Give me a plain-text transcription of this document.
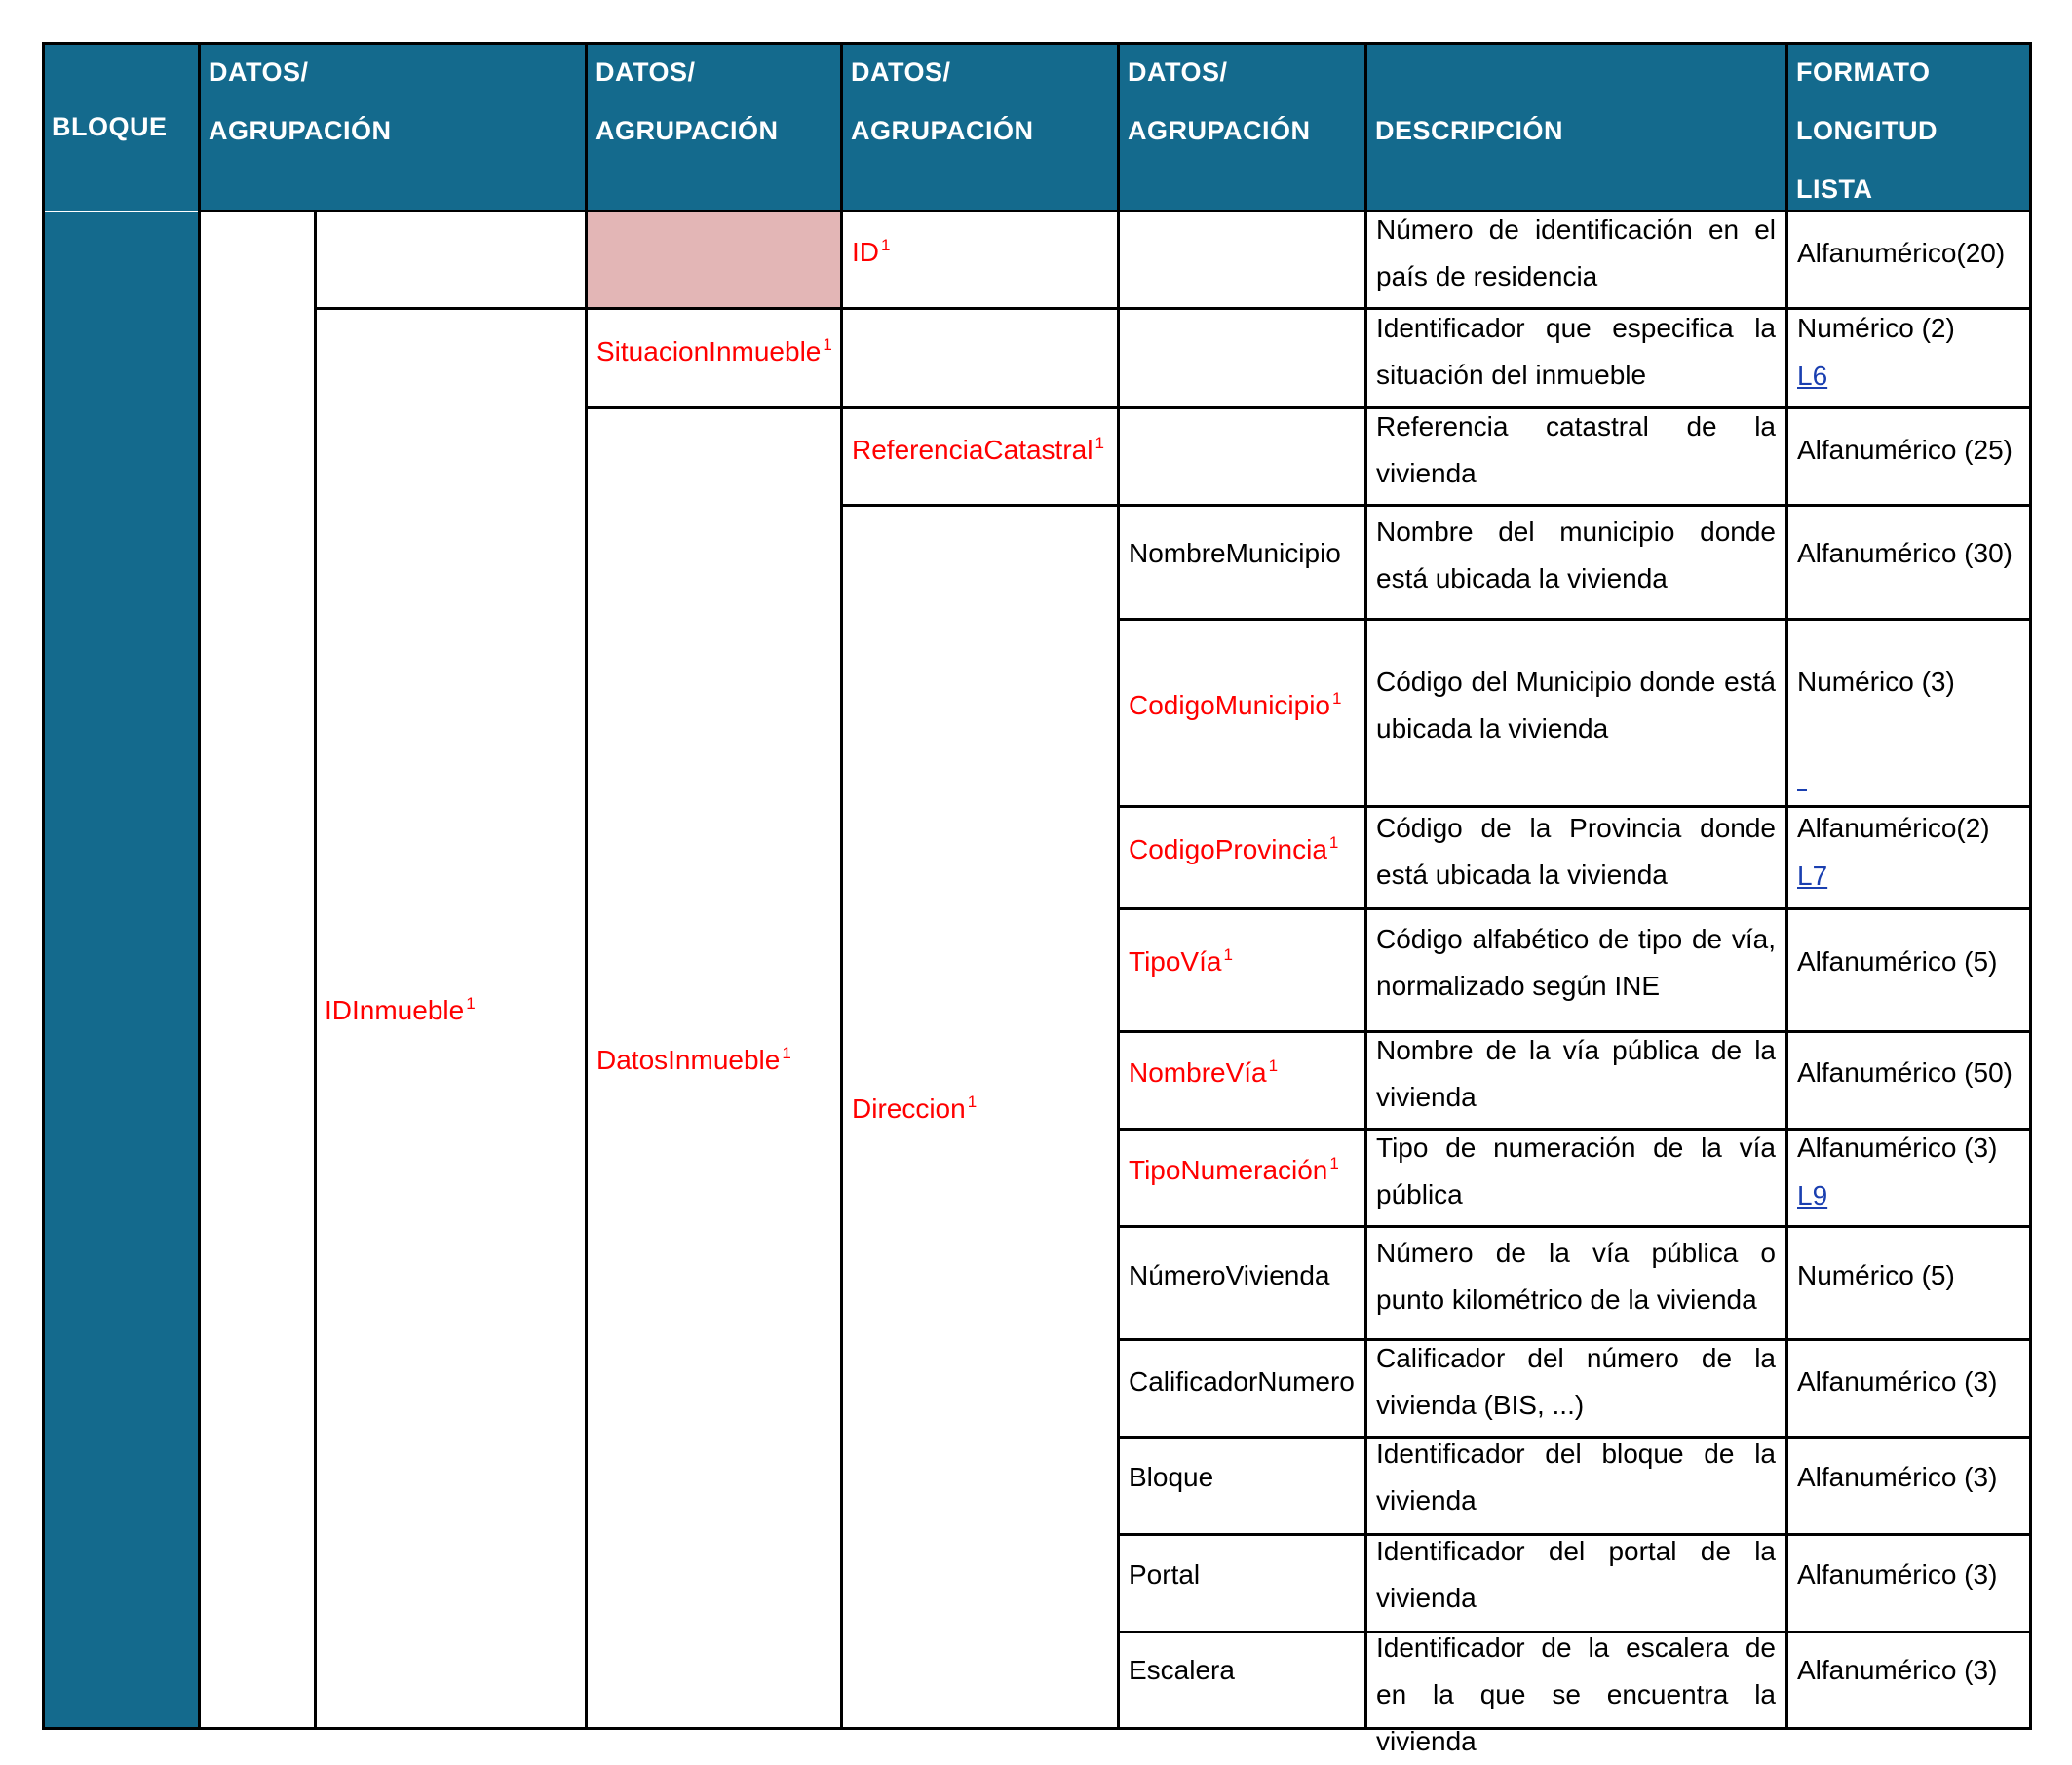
BLOQUE
DATOS/
AGRUPACIÓN
DATOS/
AGRUPACIÓN
DATOS/
AGRUPACIÓN
DATOS/
AGRUPACIÓN	DESCRIPCIÓN
FORMATO
LONGITUD
LISTA
IDInmueble $^1$
SituacionInmueble $^1$
DatosInmueble $^1$
ID $^1$
ReferenciaCatastral $^1$
Direccion $^1$
Número de identificación en el país de residencia
Alfanumérico(20)
Identificador que especifica la situación del inmueble
Numérico (2)
L6
Referencia catastral de la vivienda
Alfanumérico (25)
NombreMunicipio
Nombre del municipio donde está ubicada la vivienda
Alfanumérico (30)
CodigoMunicipio $^1$
Código del Municipio donde está ubicada la vivienda
Numérico (3)
CodigoProvincia $^1$ Código de la Provincia donde está ubicada la vivienda
Alfanumérico(2)
L7
TipoVía $^1$
Código alfabético de tipo de vía, normalizado según INE
Alfanumérico (5)
NombreVía $^1$
Nombre de la vía pública de la vivienda
Alfanumérico (50)
TipoNumeración $^1$
Tipo de numeración de la vía pública
Alfanumérico (3)
L9
NúmeroVivienda
Número de la vía pública o punto kilométrico de la vivienda
Numérico (5)
CalificadorNumero
Calificador del número de la vivienda (BIS, ...)
Alfanumérico (3)
Bloque
Identificador del bloque de la vivienda
Alfanumérico (3)
Portal
Identificador del portal de la vivienda
Alfanumérico (3)
Escalera
Identificador de la escalera de en la que se encuentra la vivienda
Alfanumérico (3)
